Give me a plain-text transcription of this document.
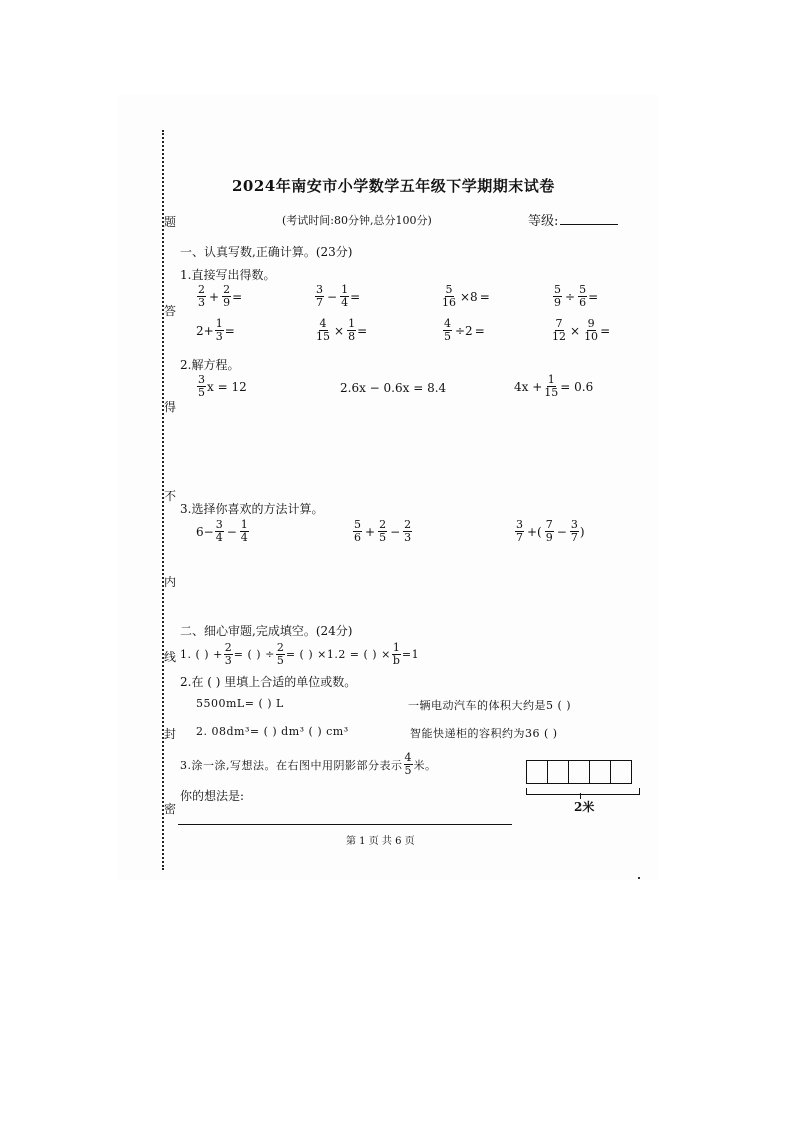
题
答
得
不
内
线
封
密
2024年南安市小学数学五年级下学期期末试卷
(考试时间:80分钟,总分100分)	等级:
一、认真写数,正确计算。(23分)
1.直接写出得数。
$\frac{2}{3} + \frac{2}{9}$ =	$\frac{3}{7} - \frac{1}{4}$ =	$\frac{5}{16} \times 8$ =	$\frac{5}{9} \div \frac{5}{6}$ =
$2+ \frac{1}{3}$ =	$\frac{4}{15} \times \frac{1}{8}$ =	$\frac{4}{5} \div 2$ =	$\frac{7}{12} \times \frac{9}{10}$ =
2.解方程。
$\frac{3}{5}$ x = 12	2.6x − 0.6x = 8.4	$4x + \frac{1}{15} = 0.6$
3.选择你喜欢的方法计算。
$6- \frac{3}{4} - \frac{1}{4}$	$\frac{5}{6} + \frac{2}{5} - \frac{2}{3}$	$\frac{3}{7}$ +( $\frac{7}{9} - \frac{3}{7}$ )
二、细心审题,完成填空。(24分)
1. ( ) + $\frac{2}{3}$ = ( ) ÷ $\frac{2}{5}$ = ( ) ×1.2 = ( ) × $\frac{1}{b} =1$
2.在 ( ) 里填上合适的单位或数。
5500mL= ( ) L	一辆电动汽车的体积大约是5 ( )
2. 08dm³= ( ) dm³ ( ) cm³	智能快递柜的容积约为36 ( )
3.涂一涂,写想法。在右图中用阴影部分表示 $\frac{4}{5}$ 米。
你的想法是:
2米
第 1 页 共 6 页
